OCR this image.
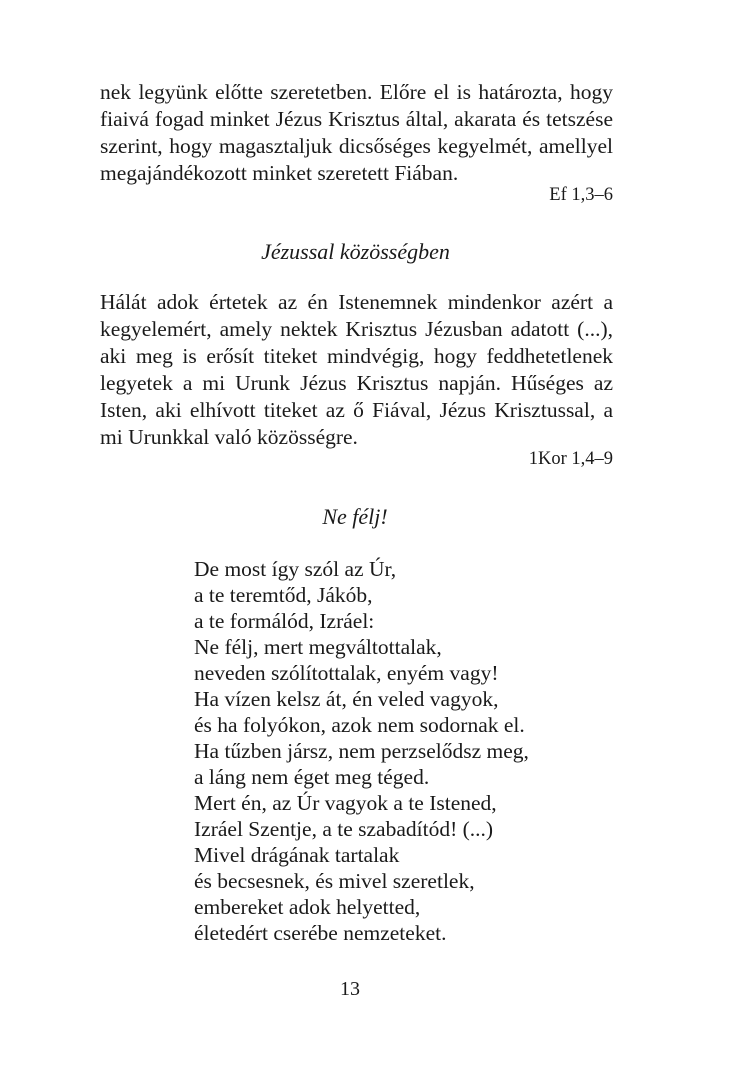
nek legyünk előtte szeretetben. Előre el is határozta, hogy
fiaivá fogad minket Jézus Krisztus által, akarata és tetszése
szerint, hogy magasztaljuk dicsőséges kegyelmét, amellyel
megajándékozott minket szeretett Fiában.
Ef 1,3–6
Jézussal közösségben
Hálát adok értetek az én Istenemnek mindenkor azért a
kegyelemért, amely nektek Krisztus Jézusban adatott (...),
aki meg is erősít titeket mindvégig, hogy feddhetetlenek
legyetek a mi Urunk Jézus Krisztus napján. Hűséges az
Isten, aki elhívott titeket az ő Fiával, Jézus Krisztussal, a
mi Urunkkal való közösségre.
1Kor 1,4–9
Ne félj!
De most így szól az Úr,
a te teremtőd, Jákób,
a te formálód, Izráel:
Ne félj, mert megváltottalak,
neveden szólítottalak, enyém vagy!
Ha vízen kelsz át, én veled vagyok,
és ha folyókon, azok nem sodornak el.
Ha tűzben jársz, nem perzselődsz meg,
a láng nem éget meg téged.
Mert én, az Úr vagyok a te Istened,
Izráel Szentje, a te szabadítód! (...)
Mivel drágának tartalak
és becsesnek, és mivel szeretlek,
embereket adok helyetted,
életedért cserébe nemzeteket.
13
